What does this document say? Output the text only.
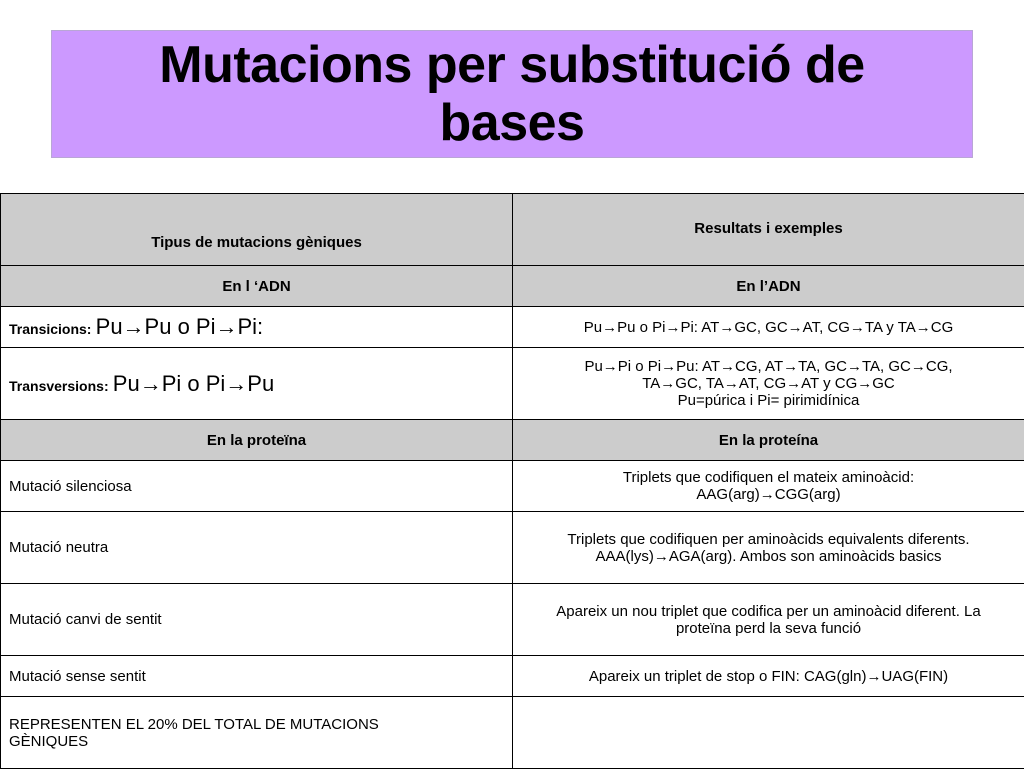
Mutacions per substitució de
bases
Tipus de mutacions gèniques	Resultats i exemples
En l ‘ADN	En l’ADN
Transicions: Pu→Pu o Pi→Pi:	Pu→Pu o Pi→Pi: AT→GC, GC→AT, CG→TA y TA→CG
Transversions: Pu→Pi o Pi→Pu	Pu→Pi o Pi→Pu: AT→CG, AT→TA, GC→TA, GC→CG,
TA→GC, TA→AT, CG→AT y CG→GC
Pu=púrica i Pi= pirimidínica
En la proteïna	En la proteína
Mutació silenciosa	Triplets que codifiquen el mateix aminoàcid:
AAG(arg)→CGG(arg)
Mutació neutra	Triplets que codifiquen per aminoàcids equivalents diferents.
AAA(lys)→AGA(arg). Ambos son aminoàcids basics
Mutació canvi de sentit	Apareix un nou triplet que codifica per un aminoàcid diferent. La
proteïna perd la seva funció
Mutació sense sentit	Apareix un triplet de stop o FIN: CAG(gln)→UAG(FIN)
REPRESENTEN EL 20% DEL TOTAL DE MUTACIONS
GÈNIQUES	
